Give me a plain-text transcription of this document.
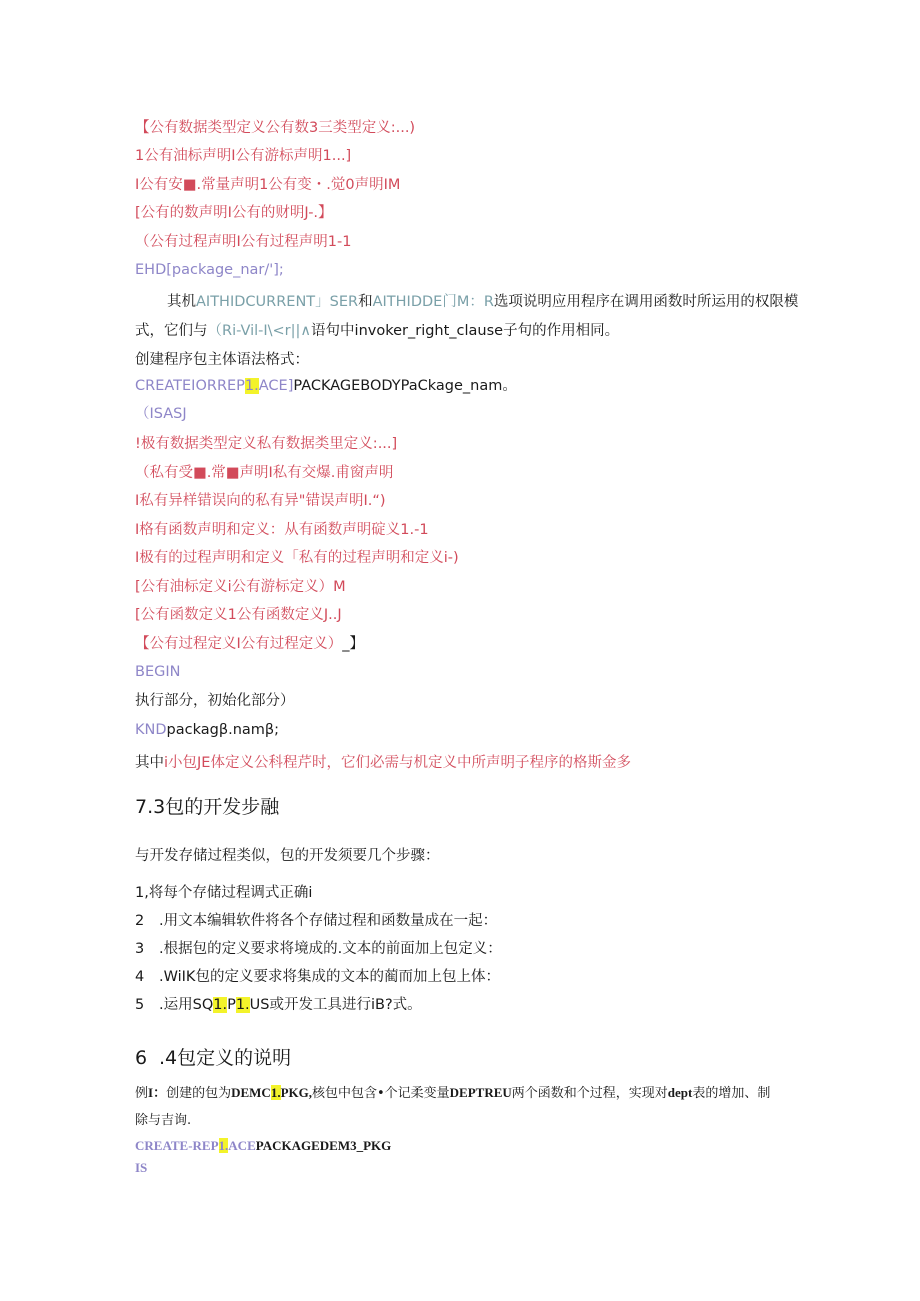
【公有数据类型定义公有数3三类型定义:...)
1公有油标声明I公有游标声明1...]
I公有安■.常量声明1公有变・.觉0声明IM
[公有的数声明I公有的财明J-.】
（公有过程声明I公有过程声明1-1
EHD[package_nar/'];
其机AITHIDCURRENT」SER和AITHIDDE门M：R选项说明应用程序在调用函数时所运用的权限模
式，它们与（Ri-Vil-I\<r||∧语句中invoker_right_clause子句的作用相同。
创建程序包主体语法格式：
CREATEIORREP1.ACE]PACKAGEBODYPaCkage_nam。
（ISASJ
!极有数据类型定义私有数据类里定义:...]
（私有受■.常■声明I私有交爆.甫窗声明
I私有异样错误向的私有异"错误声明I.“)
I格有函数声明和定义：从有函数声明碇义1.-1
I极有的过程声明和定义「私有的过程声明和定义i-)
[公有油标定义i公有游标定义）M
[公有函数定义1公有函数定义J..J
【公有过程定义I公有过程定义）_】
BEGIN
执行部分，初始化部分）
KNDpackagβ.namβ;
其中i小包JE体定义公科程芹时，它们必需与机定义中所声明子程序的格斯金多
7.3包的开发步融
与开发存储过程类似，包的开发须要几个步骤：
1,将每个存储过程调式正确i
2 .用文本编辑软件将各个存储过程和函数量成在一起：
3 .根据包的定义要求将境成的.文本的前面加上包定义：
4 .WiIK包的定义要求将集成的文本的蔺而加上包上体：
5 .运用SQ1.P1.US或开发工具进行iB?式。
6 .4包定义的说明
例I：创建的包为DEMC1.PKG,核包中包含•个记柔变量DEPTREU两个函数和个过程，实现对dept表的增加、制
除与吉询.
CREATE-REP1.ACEPACKAGEDEM3_PKG
IS
